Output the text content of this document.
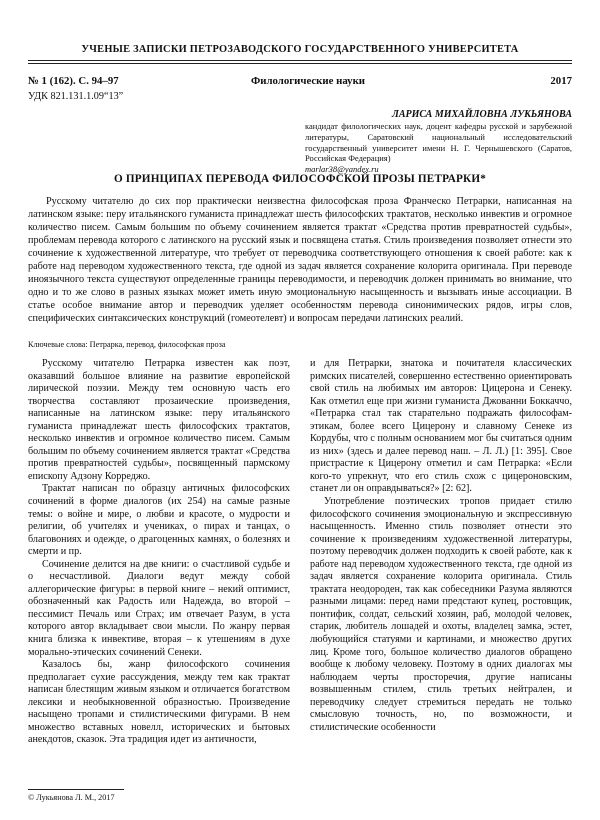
УЧЕНЫЕ ЗАПИСКИ ПЕТРОЗАВОДСКОГО ГОСУДАРСТВЕННОГО УНИВЕРСИТЕТА
№ 1 (162). С. 94–97	Филологические науки	2017
УДК 821.131.1.09“13”
ЛАРИСА МИХАЙЛОВНА ЛУКЬЯНОВА
кандидат филологических наук, доцент кафедры русской и зарубежной литературы, Саратовский национальный исследовательский государственный университет имени Н. Г. Чернышевского (Саратов, Российская Федерация)
marlar38@yandex.ru
О ПРИНЦИПАХ ПЕРЕВОДА ФИЛОСОФСКОЙ ПРОЗЫ ПЕТРАРКИ*
Русскому читателю до сих пор практически неизвестна философская проза Франческо Петрарки, написанная на латинском языке: перу итальянского гуманиста принадлежат шесть философских трактатов, несколько инвектив и огромное количество писем. Самым большим по объему сочинением является трактат «Средства против превратностей судьбы», проблемам перевода которого с латинского на русский язык и посвящена статья. Стиль произведения позволяет отнести это сочинение к художественной литературе, что требует от переводчика соответствующего отношения к своей работе: как к работе над переводом художественного текста, где одной из задач является сохранение колорита оригинала. При переводе иноязычного текста существуют определенные границы переводимости, и переводчик должен принимать во внимание, что одно и то же слово в разных языках может иметь иную эмоциональную насыщенность и вызывать иные ассоциации. В статье особое внимание автор и переводчик уделяет особенностям перевода синонимических рядов, игры слов, специфических синтаксических конструкций (гомеотелевт) и вопросам передачи латинских реалий.
Ключевые слова: Петрарка, перевод, философская проза

Русскому читателю Петрарка известен как поэт, оказавший большое влияние на развитие европейской лирической поэзии. Между тем основную часть его творчества составляют прозаические произведения, написанные на латинском языке: перу итальянского гуманиста принадлежат шесть философских трактатов, несколько инвектив и огромное количество писем. Самым большим по объему сочинением является трактат «Средства против превратностей судьбы», посвященный пармскому епископу Адзону Корреджо.

Трактат написан по образцу античных философских сочинений в форме диалогов (их 254) на самые разные темы: о войне и мире, о любви и красоте, о мудрости и религии, об учителях и учениках, о пирах и танцах, о благовониях и одежде, о драгоценных камнях, о болезнях и смерти и пр.

Сочинение делится на две книги: о счастливой судьбе и о несчастливой. Диалоги ведут между собой аллегорические фигуры: в первой книге – некий оптимист, обозначенный как Радость или Надежда, во второй – пессимист Печаль или Страх; им отвечает Разум, в уста которого автор вкладывает свои мысли. По жанру первая книга близка к инвективе, вторая – к утешениям в духе морально-этических сочинений Сенеки.

Казалось бы, жанр философского сочинения предполагает сухие рассуждения, между тем как трактат написан блестящим живым языком и отличается богатством лексики и необыкновенной образностью. Произведение насыщено тропами и стилистическими фигурами. В нем множество вставных новелл, исторических и бытовых анекдотов, сказок. Эта традиция идет из античности,

и для Петрарки, знатока и почитателя классических римских писателей, совершенно естественно ориентировать свой стиль на любимых им авторов: Цицерона и Сенеку. Как отметил еще при жизни гуманиста Джованни Боккаччо, «Петрарка стал так старательно подражать философам-этикам, более всего Цицерону и славному Сенеке из Кордубы, что с полным основанием мог бы считаться одним из них» (здесь и далее перевод наш. – Л. Л.) [1: 395]. Свое пристрастие к Цицерону отметил и сам Петрарка: «Если кого-то упрекнут, что его стиль схож с цицероновским, станет ли он оправдываться?» [2: 62].

Употребление поэтических тропов придает стилю философского сочинения эмоциональную и экспрессивную насыщенность. Именно стиль позволяет отнести это сочинение к произведениям художественной литературы, поэтому переводчик должен подходить к своей работе, как к работе над переводом художественного текста, где одной из задач является сохранение колорита оригинала. Стиль трактата неодороден, так как собеседники Разума являются разными лицами: перед нами предстают купец, ростовщик, понтифик, солдат, сельский хозяин, раб, молодой человек, старик, любитель лошадей и охоты, владелец замка, эстет, любующийся статуями и картинами, и множество других лиц. Кроме того, большое количество диалогов обращено вообще к любому человеку. Поэтому в одних диалогах мы наблюдаем черты просторечия, другие написаны возвышенным стилем, стиль третьих нейтрален, и переводчику следует стремиться передать не только смысловую точность, но, по возможности, и стилистические особенности

© Лукьянова Л. М., 2017
